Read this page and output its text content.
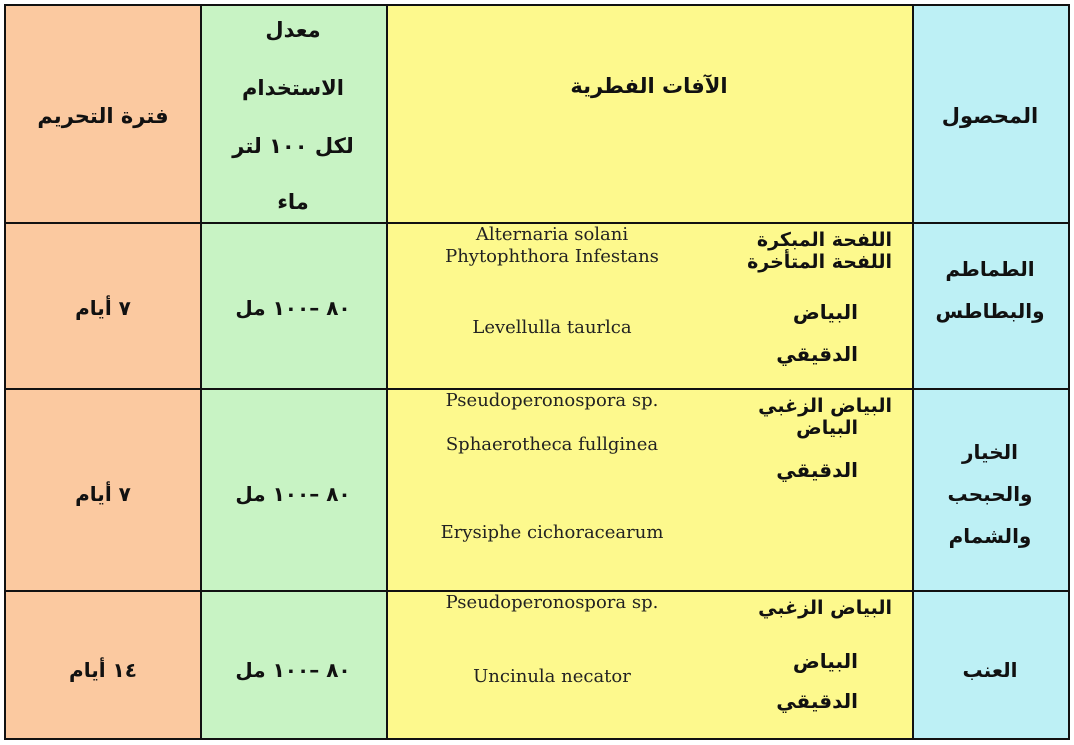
المحصول
الآفات الفطرية
معدل
الاستخدام
لكل ١٠٠ لتر
ماء
فترة التحريم
الطماطم
والبطاطس
اللفحة المبكرة
اللفحة المتأخرة
البياض
الدقيقي
Alternaria solani
Phytophthora Infestans
Levellulla taurlca
٨٠ –١٠٠ مل
٧ أيام
الخيار
والحبحب
والشمام
البياض الزغبي
البياض
الدقيقي
Pseudoperonospora sp.
Sphaerotheca fullginea
Erysiphe cichoracearum
٨٠ –١٠٠ مل
٧ أيام
العنب
البياض الزغبي
البياض
الدقيقي
Pseudoperonospora sp.
Uncinula necator
٨٠ –١٠٠ مل
١٤ أيام
